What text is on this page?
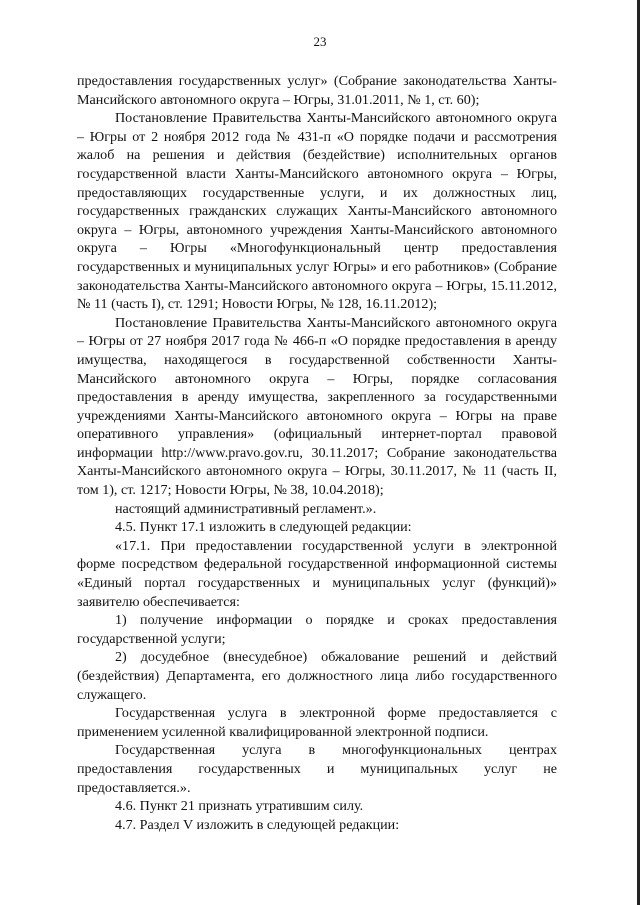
23

предоставления государственных услуг» (Собрание законодательства Ханты-Мансийского автономного округа – Югры, 31.01.2011, № 1, ст. 60);

Постановление Правительства Ханты-Мансийского автономного округа – Югры от 2 ноября 2012 года № 431-п «О порядке подачи и рассмотрения жалоб на решения и действия (бездействие) исполнительных органов государственной власти Ханты-Мансийского автономного округа – Югры, предоставляющих государственные услуги, и их должностных лиц, государственных гражданских служащих Ханты-Мансийского автономного округа – Югры, автономного учреждения Ханты-Мансийского автономного округа – Югры «Многофункциональный центр предоставления государственных и муниципальных услуг Югры» и его работников» (Собрание законодательства Ханты-Мансийского автономного округа – Югры, 15.11.2012, № 11 (часть I), ст. 1291; Новости Югры, № 128, 16.11.2012);

Постановление Правительства Ханты-Мансийского автономного округа – Югры от 27 ноября 2017 года № 466-п «О порядке предоставления в аренду имущества, находящегося в государственной собственности Ханты-Мансийского автономного округа – Югры, порядке согласования предоставления в аренду имущества, закрепленного за государственными учреждениями Ханты-Мансийского автономного округа – Югры на праве оперативного управления» (официальный интернет-портал правовой информации http://www.pravo.gov.ru, 30.11.2017; Собрание законодательства Ханты-Мансийского автономного округа – Югры, 30.11.2017, № 11 (часть II, том 1), ст. 1217; Новости Югры, № 38, 10.04.2018);

настоящий административный регламент.».

4.5. Пункт 17.1 изложить в следующей редакции:

«17.1. При предоставлении государственной услуги в электронной форме посредством федеральной государственной информационной системы «Единый портал государственных и муниципальных услуг (функций)» заявителю обеспечивается:

1) получение информации о порядке и сроках предоставления государственной услуги;

2) досудебное (внесудебное) обжалование решений и действий (бездействия) Департамента, его должностного лица либо государственного служащего.

Государственная услуга в электронной форме предоставляется с применением усиленной квалифицированной электронной подписи.

Государственная услуга в многофункциональных центрах предоставления государственных и муниципальных услуг не предоставляется.».

4.6. Пункт 21 признать утратившим силу.

4.7. Раздел V изложить в следующей редакции:
